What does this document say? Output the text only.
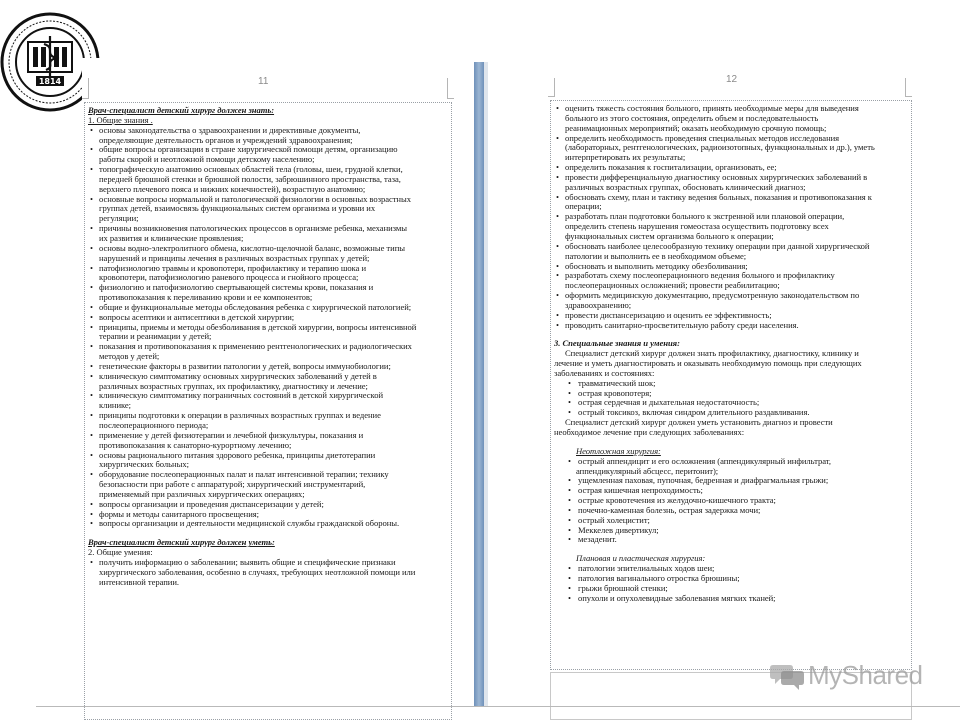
1814	11
Врач-специалист детский хирург должен знать:
1. Общие знания .
• основы законодательства о здравоохранении и директивные документы,
определяющие деятельность органов и учреждений здравоохранения;
• общие вопросы организации в стране хирургической помощи детям, организацию
работы скорой и неотложной помощи детскому населению;
• топографическую анатомию основных областей тела (головы, шеи, грудной клетки,
передней брюшной стенки и брюшной полости, забрюшинного пространства, таза,
верхнего плечевого пояса и нижних конечностей), возрастную анатомию;
• основные вопросы нормальной и патологической физиологии в основных возрастных
группах детей, взаимосвязь функциональных систем организма и уровни их
регуляции;
• причины возникновения патологических процессов в организме ребенка, механизмы
их развития и клинические проявления;
• основы водно-электролитного обмена, кислотно-щелочной баланс, возможные типы
нарушений и принципы лечения в различных возрастных группах у детей;
• патофизиологию травмы и кровопотери, профилактику и терапию шока и
кровопотери, патофизиологию раневого процесса и гнойного процесса;
• физиологию и патофизиологию свертывающей системы крови, показания и
противопоказания к переливанию крови и ее компонентов;
• общие и функциональные методы обследования ребенка с хирургической патологией;
• вопросы асептики и антисептики в детской хирургии;
• принципы, приемы и методы обезболивания в детской хирургии, вопросы интенсивной
терапии и реанимации у детей;
• показания и противопоказания к применению рентгенологических и радиологических
методов у детей;
• генетические факторы в развитии патологии у детей, вопросы иммунобиологии;
• клиническую симптоматику основных хирургических заболеваний у детей в
различных возрастных группах, их профилактику, диагностику и лечение;
• клиническую симптоматику пограничных состояний в детской хирургической
клинике;
• принципы подготовки к операции в различных возрастных группах и ведение
послеоперационного периода;
• применение у детей физиотерапии и лечебной физкультуры, показания и
противопоказания к санаторно-курортному лечению;
• основы рационального питания здорового ребенка, принципы диетотерапии
хирургических больных;
• оборудование послеоперационных палат и палат интенсивной терапии; технику
безопасности при работе с аппаратурой; хирургический инструментарий,
применяемый при различных хирургических операциях;
• вопросы организации и проведения диспансеризации у детей;
• формы и методы санитарного просвещения;
• вопросы организации и деятельности медицинской службы гражданской обороны.
Врач-специалист детский хирург должен уметь:
2. Общие умения:
• получить информацию о заболевании; выявить общие и специфические признаки
хирургического заболевания, особенно в случаях, требующих неотложной помощи или
интенсивной терапии.
12
• оценить тяжесть состояния больного, принять необходимые меры для выведения
больного из этого состояния, определить объем и последовательность
реанимационных мероприятий; оказать необходимую срочную помощь;
• определить необходимость проведения специальных методов исследования
(лабораторных, рентгенологических, радиоизотопных, функциональных и др.), уметь
интерпретировать их результаты;
• определить показания к госпитализации, организовать, ее;
• провести дифференциальную диагностику основных хирургических заболеваний в
различных возрастных группах, обосновать клинический диагноз;
• обосновать схему, план и тактику ведения больных, показания и противопоказания к
операции;
• разработать план подготовки больного к экстренной или плановой операции,
определить степень нарушения гомеостаза осуществить подготовку всех
функциональных систем организма больного к операции;
• обосновать наиболее целесообразную технику операции при данной хирургической
патологии и выполнить ее в необходимом объеме;
• обосновать и выполнить методику обезболивания;
• разработать схему послеоперационного ведения больного и профилактику
послеоперационных осложнений; провести реабилитацию;
• оформить медицинскую документацию, предусмотренную законодательством по
здравоохранению;
• провести диспансеризацию и оценить ее эффективность;
• проводить санитарно-просветительную работу среди населения.
3. Специальные знания и умения:
Специалист детский хирург должен знать профилактику, диагностику, клинику и
лечение и уметь диагностировать и оказывать необходимую помощь при следующих
заболеваниях и состояниях:
• травматический шок;
• острая кровопотеря;
• острая сердечная и дыхательная недостаточность;
• острый токсикоз, включая синдром длительного раздавливания.
Специалист детский хирург должен уметь установить диагноз и провести
необходимое лечение при следующих заболеваниях:
Неотложная хирургия:
• острый аппендицит и его осложнения (аппендикулярный инфильтрат,
аппендикулярный абсцесс, перитонит);
• ущемленная паховая, пупочная, бедренная и диафрагмальная грыжи;
• острая кишечная непроходимость;
• острые кровотечения из желудочно-кишечного тракта;
• почечно-каменная болезнь, острая задержка мочи;
• острый холецистит;
• Меккелев дивертикул;
• мезаденит.
Плановая и пластическая хирургия:
• патологии эпителиальных ходов шеи;
• патология вагинального отростка брюшины;
• грыжи брюшной стенки;
• опухоли и опухолевидные заболевания мягких тканей;
MyShared
